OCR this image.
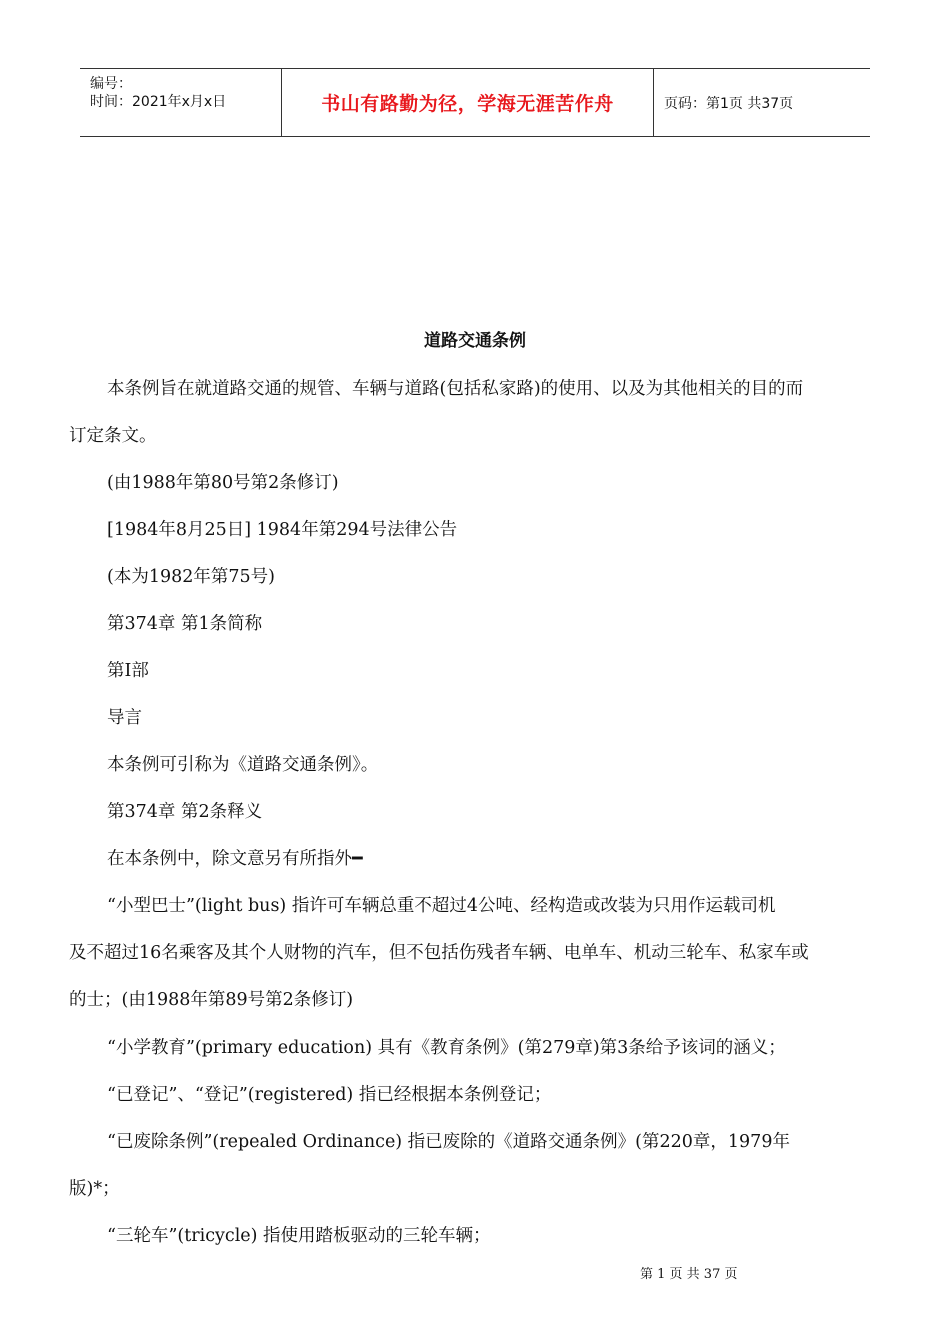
编号：
时间：2021年x月x日	书山有路勤为径，学海无涯苦作舟	页码：第1页 共37页
道路交通条例
本条例旨在就道路交通的规管、车辆与道路(包括私家路)的使用、以及为其他相关的目的而
订定条文。
(由1988年第80号第2条修订)
[1984年8月25日] 1984年第294号法律公告
(本为1982年第75号)
第374章 第1条简称
第I部
导言
本条例可引称为《道路交通条例》。
第374章 第2条释义
在本条例中，除文意另有所指外━
“小型巴士”(light bus) 指许可车辆总重不超过4公吨、经构造或改装为只用作运载司机
及不超过16名乘客及其个人财物的汽车，但不包括伤残者车辆、电单车、机动三轮车、私家车或
的士；(由1988年第89号第2条修订)
“小学教育”(primary education) 具有《教育条例》(第279章)第3条给予该词的涵义；
“已登记”、“登记”(registered) 指已经根据本条例登记；
“已废除条例”(repealed Ordinance) 指已废除的《道路交通条例》(第220章，1979年
版)*；
“三轮车”(tricycle) 指使用踏板驱动的三轮车辆；
第 1 页 共 37 页
